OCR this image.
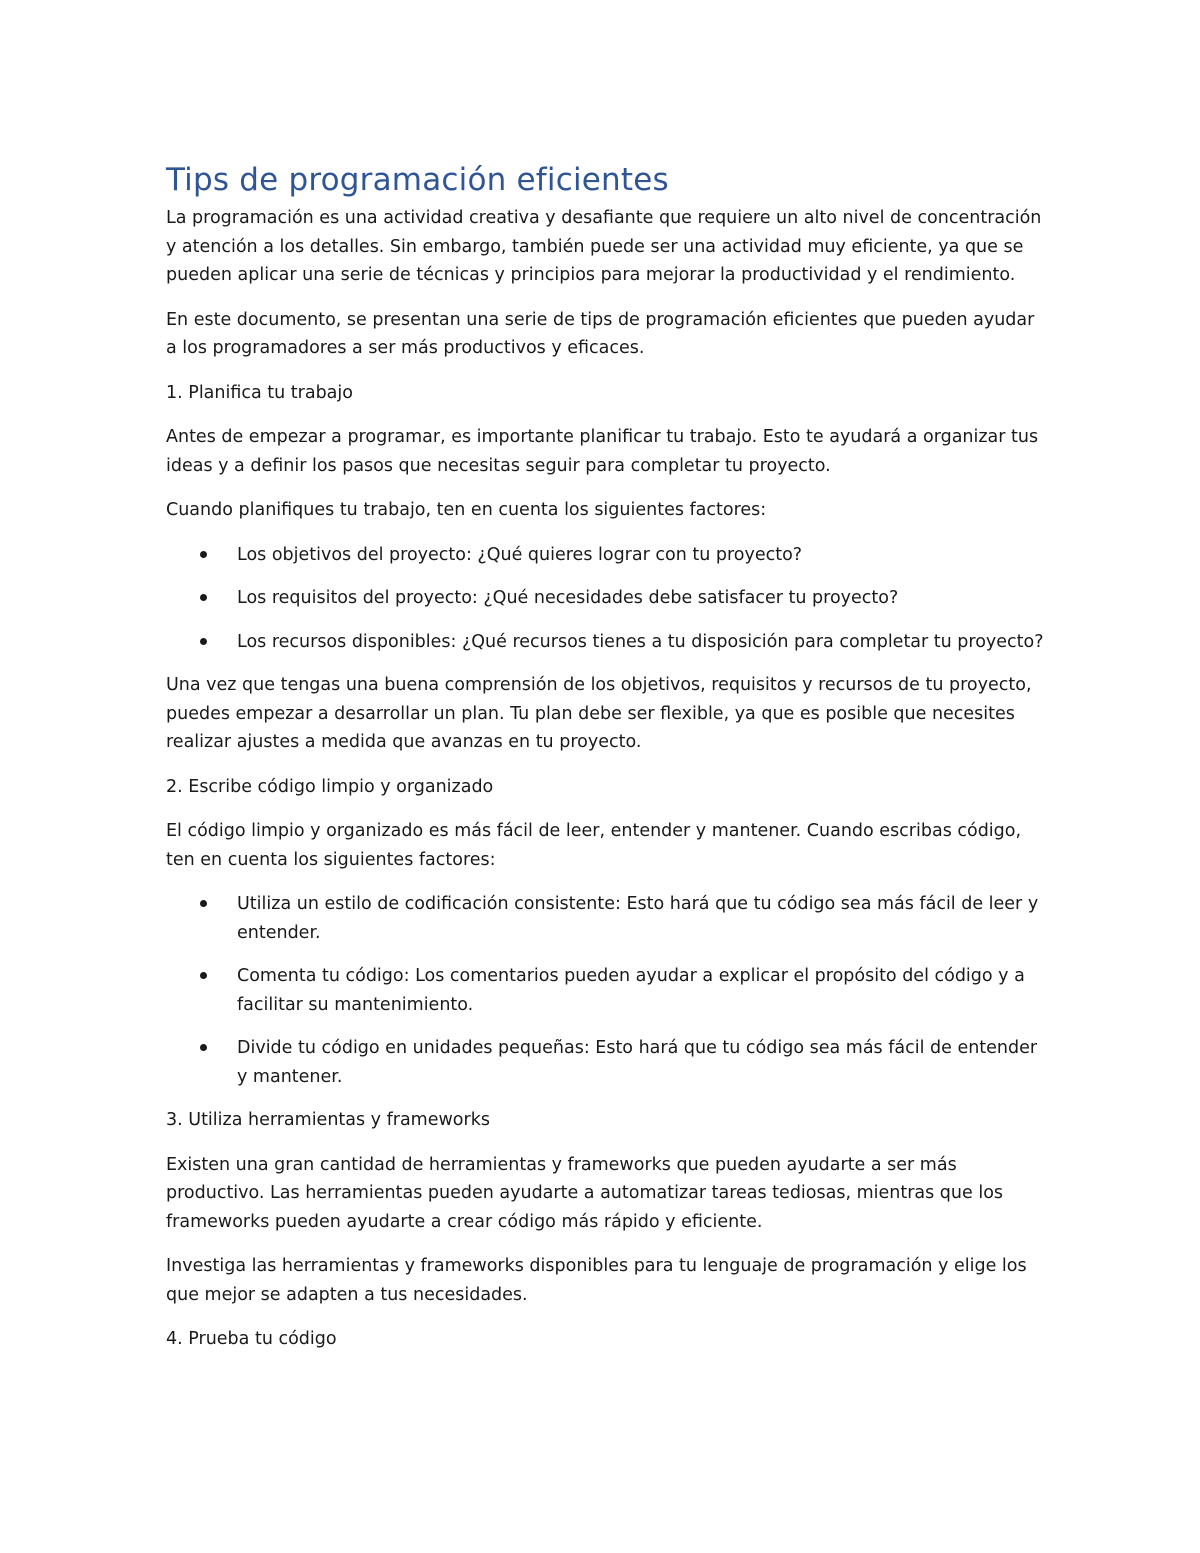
Tips de programación eficientes

La programación es una actividad creativa y desafiante que requiere un alto nivel de concentración y atención a los detalles. Sin embargo, también puede ser una actividad muy eficiente, ya que se pueden aplicar una serie de técnicas y principios para mejorar la productividad y el rendimiento.

En este documento, se presentan una serie de tips de programación eficientes que pueden ayudar a los programadores a ser más productivos y eficaces.

1. Planifica tu trabajo

Antes de empezar a programar, es importante planificar tu trabajo. Esto te ayudará a organizar tus ideas y a definir los pasos que necesitas seguir para completar tu proyecto.

Cuando planifiques tu trabajo, ten en cuenta los siguientes factores:

Los objetivos del proyecto: ¿Qué quieres lograr con tu proyecto?
Los requisitos del proyecto: ¿Qué necesidades debe satisfacer tu proyecto?
Los recursos disponibles: ¿Qué recursos tienes a tu disposición para completar tu proyecto?

Una vez que tengas una buena comprensión de los objetivos, requisitos y recursos de tu proyecto, puedes empezar a desarrollar un plan. Tu plan debe ser flexible, ya que es posible que necesites realizar ajustes a medida que avanzas en tu proyecto.

2. Escribe código limpio y organizado

El código limpio y organizado es más fácil de leer, entender y mantener. Cuando escribas código, ten en cuenta los siguientes factores:

Utiliza un estilo de codificación consistente: Esto hará que tu código sea más fácil de leer y entender.
Comenta tu código: Los comentarios pueden ayudar a explicar el propósito del código y a facilitar su mantenimiento.
Divide tu código en unidades pequeñas: Esto hará que tu código sea más fácil de entender y mantener.

3. Utiliza herramientas y frameworks

Existen una gran cantidad de herramientas y frameworks que pueden ayudarte a ser más productivo. Las herramientas pueden ayudarte a automatizar tareas tediosas, mientras que los frameworks pueden ayudarte a crear código más rápido y eficiente.

Investiga las herramientas y frameworks disponibles para tu lenguaje de programación y elige los que mejor se adapten a tus necesidades.

4. Prueba tu código
